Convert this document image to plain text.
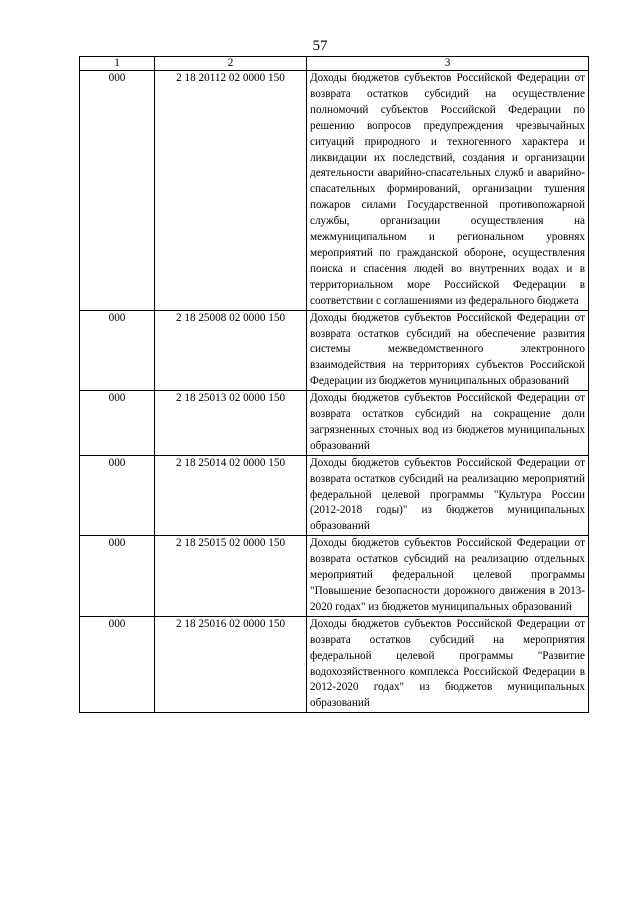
57
1	2	3
000	2 18 20112 02 0000 150	Доходы бюджетов субъектов Российской Федерации от возврата остатков субсидий на осуществление полномочий субъектов Российской Федерации по решению вопросов предупреждения чрезвычайных ситуаций природного и техногенного характера и ликвидации их последствий, создания и организации деятельности аварийно-спасательных служб и аварийно-спасательных формирований, организации тушения пожаров силами Государственной противопожарной службы, организации осуществления на межмуниципальном и региональном уровнях мероприятий по гражданской обороне, осуществления поиска и спасения людей во внутренних водах и в территориальном море Российской Федерации в соответствии с соглашениями из федерального бюджета
000	2 18 25008 02 0000 150	Доходы бюджетов субъектов Российской Федерации от возврата остатков субсидий на обеспечение развития системы межведомственного электронного взаимодействия на территориях субъектов Российской Федерации из бюджетов муниципальных образований
000	2 18 25013 02 0000 150	Доходы бюджетов субъектов Российской Федерации от возврата остатков субсидий на сокращение доли загрязненных сточных вод из бюджетов муниципальных образований
000	2 18 25014 02 0000 150	Доходы бюджетов субъектов Российской Федерации от возврата остатков субсидий на реализацию мероприятий федеральной целевой программы "Культура России (2012-2018 годы)" из бюджетов муниципальных образований
000	2 18 25015 02 0000 150	Доходы бюджетов субъектов Российской Федерации от возврата остатков субсидий на реализацию отдельных мероприятий федеральной целевой программы "Повышение безопасности дорожного движения в 2013-2020 годах" из бюджетов муниципальных образований
000	2 18 25016 02 0000 150	Доходы бюджетов субъектов Российской Федерации от возврата остатков субсидий на мероприятия федеральной целевой программы "Развитие водохозяйственного комплекса Российской Федерации в 2012-2020 годах" из бюджетов муниципальных образований
